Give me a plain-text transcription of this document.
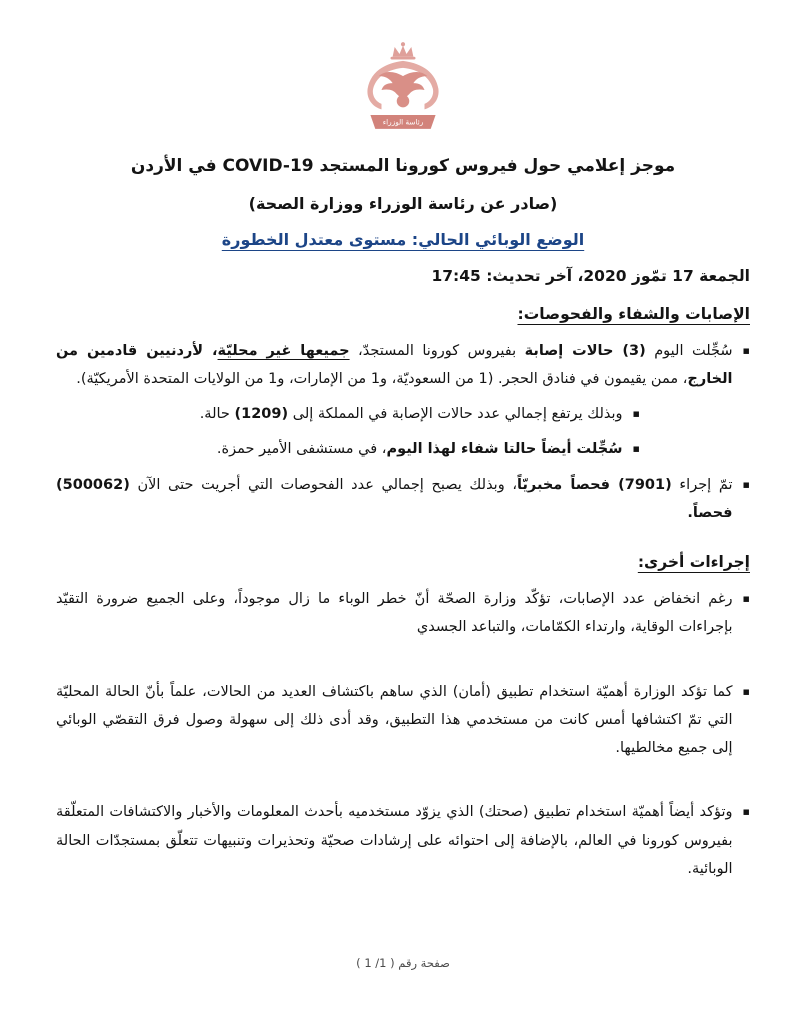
رئاسة الوزراء
موجز إعلامي حول فيروس كورونا المستجد COVID-19 في الأردن
(صادر عن رئاسة الوزراء ووزارة الصحة)
الوضع الوبائي الحالي: مستوى معتدل الخطورة
الجمعة 17 تمّوز 2020، آخر تحديث: 17:45
الإصابات والشفاء والفحوصات:
▪
سُجِّلت اليوم (3) حالات إصابة بفيروس كورونا المستجدّ، جميعها غير محليّة، لأردنيين قادمين من الخارج، ممن يقيمون في فنادق الحجر. (1 من السعوديّة، و1 من الإمارات، و1 من الولايات المتحدة الأمريكيّة).
▪
وبذلك يرتفع إجمالي عدد حالات الإصابة في المملكة إلى (1209) حالة.
▪
سُجِّلت أيضاً حالتا شفاء لهذا اليوم، في مستشفى الأمير حمزة.
▪
تمّ إجراء (7901) فحصاً مخبريّاً، وبذلك يصبح إجمالي عدد الفحوصات التي أجريت حتى الآن (500062) فحصاً.
إجراءات أخرى:
▪
رغم انخفاض عدد الإصابات، تؤكّد وزارة الصحّة أنّ خطر الوباء ما زال موجوداً، وعلى الجميع ضرورة التقيّد بإجراءات الوقاية، وارتداء الكمّامات، والتباعد الجسدي
▪
كما تؤكد الوزارة أهميّة استخدام تطبيق (أمان) الذي ساهم باكتشاف العديد من الحالات، علماً بأنّ الحالة المحليّة التي تمّ اكتشافها أمس كانت من مستخدمي هذا التطبيق، وقد أدى ذلك إلى سهولة وصول فرق التقصّي الوبائي إلى جميع مخالطيها.
▪
وتؤكد أيضاً أهميّة استخدام تطبيق (صحتك) الذي يزوّد مستخدميه بأحدث المعلومات والأخبار والاكتشافات المتعلّقة بفيروس كورونا في العالم، بالإضافة إلى احتوائه على إرشادات صحيّة وتحذيرات وتنبيهات تتعلّق بمستجدّات الحالة الوبائية.
صفحة رقم ( 1/ 1 )
